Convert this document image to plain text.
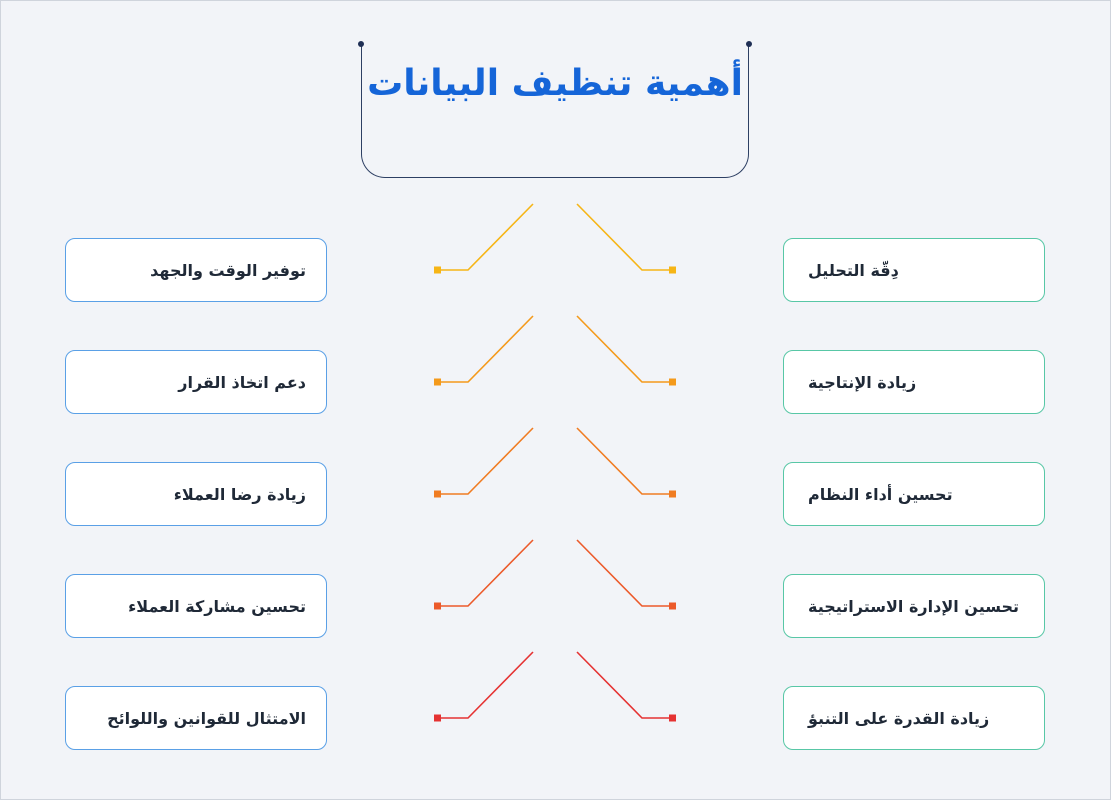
أهمية تنظيف البيانات
دِقّة التحليل
زيادة الإنتاجية
تحسين أداء النظام
تحسين الإدارة الاستراتيجية
زيادة القدرة على التنبؤ
توفير الوقت والجهد
دعم اتخاذ القرار
زيادة رضا العملاء
تحسين مشاركة العملاء
الامتثال للقوانين واللوائح
